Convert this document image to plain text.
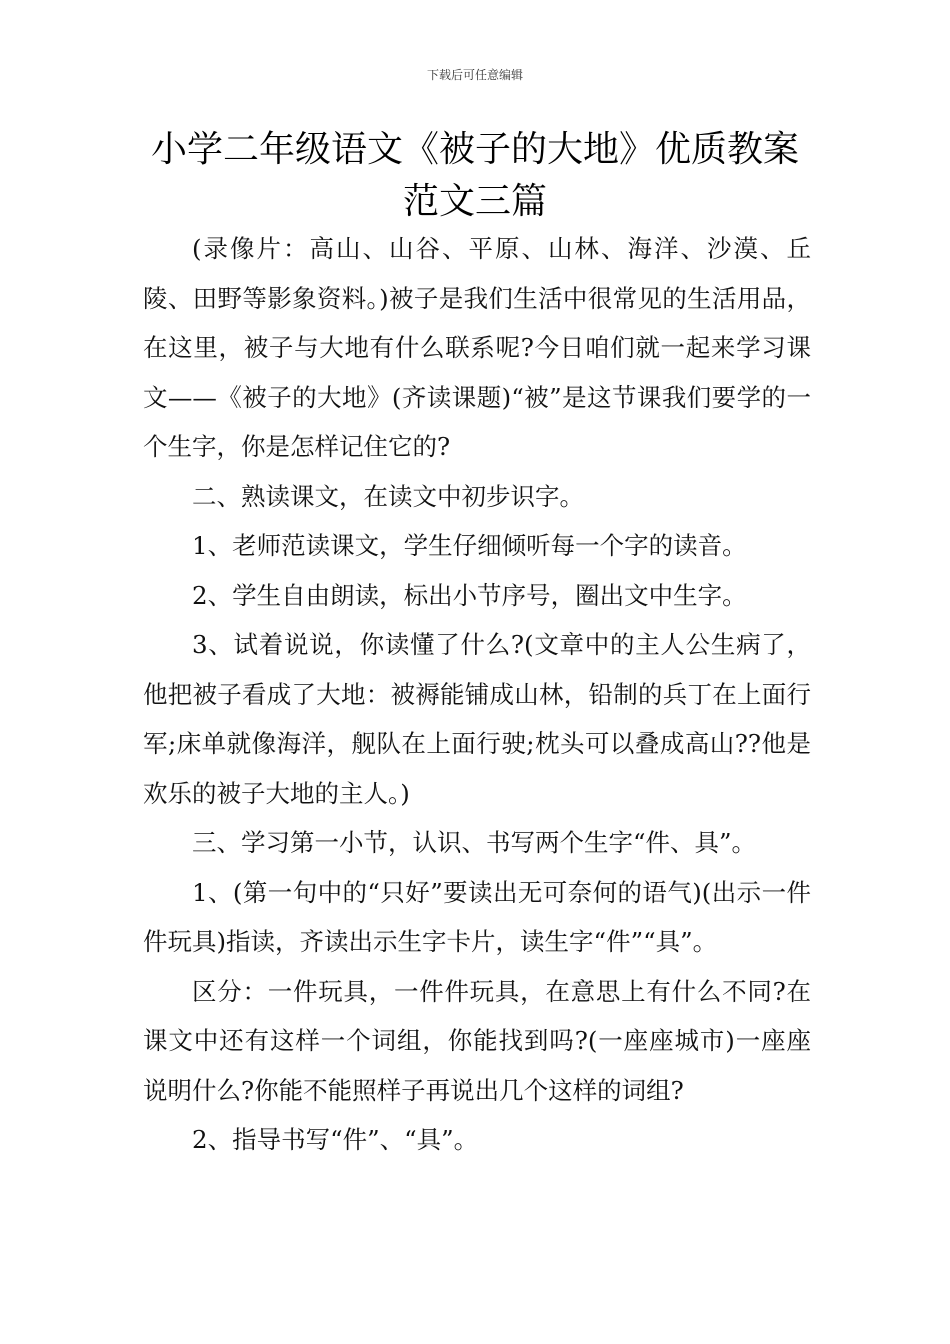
下载后可任意编辑
小学二年级语文《被子的大地》优质教案
范文三篇

(录像片：高山、山谷、平原、山林、海洋、沙漠、丘陵、田野等影象资料。)被子是我们生活中很常见的生活用品，在这里，被子与大地有什么联系呢?今日咱们就一起来学习课文——《被子的大地》(齐读课题)“被”是这节课我们要学的一个生字，你是怎样记住它的?

二、熟读课文，在读文中初步识字。

1、老师范读课文，学生仔细倾听每一个字的读音。

2、学生自由朗读，标出小节序号，圈出文中生字。

3、试着说说，你读懂了什么?(文章中的主人公生病了，他把被子看成了大地：被褥能铺成山林，铅制的兵丁在上面行军;床单就像海洋，舰队在上面行驶;枕头可以叠成高山??他是欢乐的被子大地的主人。)

三、学习第一小节，认识、书写两个生字“件、具”。

1、(第一句中的“只好”要读出无可奈何的语气)(出示一件件玩具)指读，齐读出示生字卡片，读生字“件”“具”。

区分：一件玩具，一件件玩具，在意思上有什么不同?在课文中还有这样一个词组，你能找到吗?(一座座城市)一座座说明什么?你能不能照样子再说出几个这样的词组?

2、指导书写“件”、“具”。
